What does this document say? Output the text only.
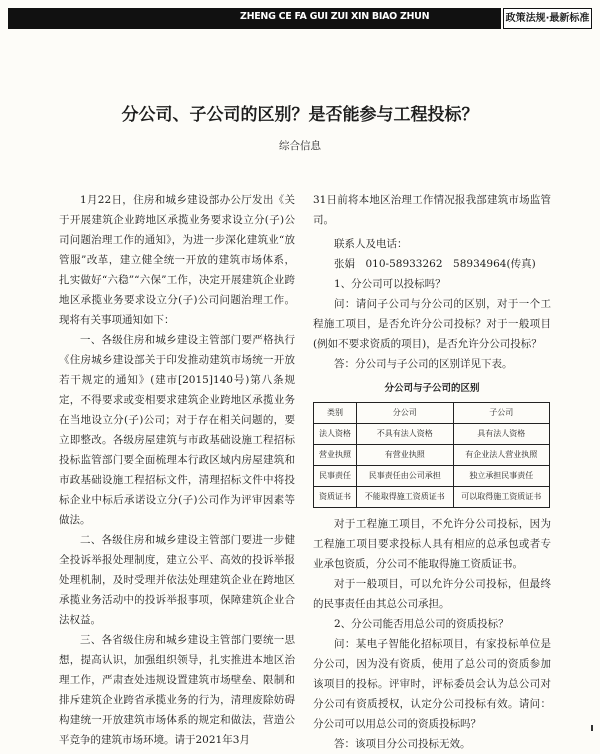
ZHENG CE FA GUI ZUI XIN BIAO ZHUN	政策法规·最新标准
分公司、子公司的区别？是否能参与工程投标？
综合信息

1月22日，住房和城乡建设部办公厅发出《关于开展建筑企业跨地区承揽业务要求设立分(子)公司问题治理工作的通知》，为进一步深化建筑业“放管服”改革，建立健全统一开放的建筑市场体系，扎实做好“六稳”“六保”工作，决定开展建筑企业跨地区承揽业务要求设立分(子)公司问题治理工作。现将有关事项通知如下：

一、各级住房和城乡建设主管部门要严格执行《住房城乡建设部关于印发推动建筑市场统一开放若干规定的通知》(建市[2015]140号)第八条规定，不得要求或变相要求建筑企业跨地区承揽业务在当地设立分(子)公司；对于存在相关问题的，要立即整改。各级房屋建筑与市政基础设施工程招标投标监管部门要全面梳理本行政区域内房屋建筑和市政基础设施工程招标文件，清理招标文件中将投标企业中标后承诺设立分(子)公司作为评审因素等做法。

二、各级住房和城乡建设主管部门要进一步健全投诉举报处理制度，建立公平、高效的投诉举报处理机制，及时受理并依法处理建筑企业在跨地区承揽业务活动中的投诉举报事项，保障建筑企业合法权益。

三、各省级住房和城乡建设主管部门要统一思想，提高认识，加强组织领导，扎实推进本地区治理工作，严肃查处违规设置建筑市场壁垒、限制和排斥建筑企业跨省承揽业务的行为，清理废除妨碍构建统一开放建筑市场体系的规定和做法，营造公平竞争的建筑市场环境。请于2021年3月

31日前将本地区治理工作情况报我部建筑市场监管司。

联系人及电话：

张娟　010-58933262　58934964(传真)

1、分公司可以投标吗？

问：请问子公司与分公司的区别，对于一个工程施工项目，是否允许分公司投标？对于一般项目(例如不要求资质的项目)，是否允许分公司投标？

答：分公司与子公司的区别详见下表。

分公司与子公司的区别
类别	分公司	子公司
法人资格	不具有法人资格	具有法人资格
营业执照	有营业执照	有企业法人营业执照
民事责任	民事责任由公司承担	独立承担民事责任
资质证书	不能取得施工资质证书	可以取得施工资质证书

对于工程施工项目，不允许分公司投标，因为工程施工项目要求投标人具有相应的总承包或者专业承包资质，分公司不能取得施工资质证书。

对于一般项目，可以允许分公司投标，但最终的民事责任由其总公司承担。

2、分公司能否用总公司的资质投标？

问：某电子智能化招标项目，有家投标单位是分公司，因为没有资质，使用了总公司的资质参加该项目的投标。评审时，评标委员会认为总公司对分公司有资质授权，认定分公司投标有效。请问：分公司可以用总公司的资质投标吗？

答：该项目分公司投标无效。
